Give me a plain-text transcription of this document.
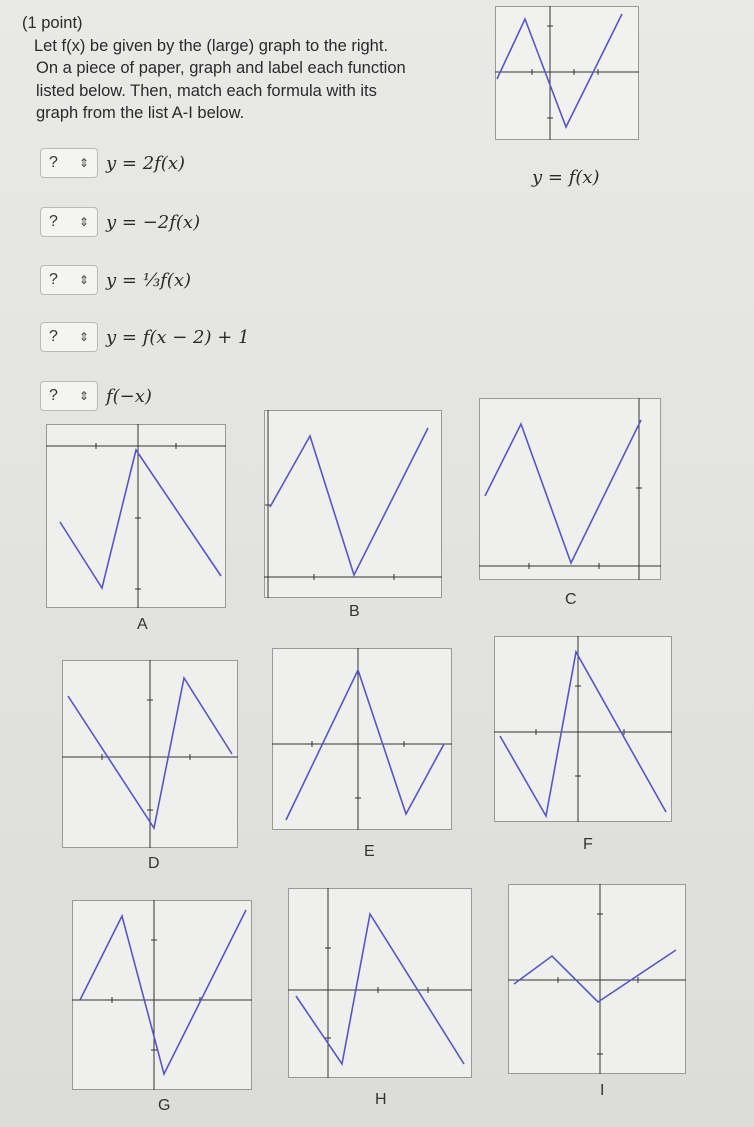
(1 point)
Let f(x) be given by the (large) graph to the right.
On a piece of paper, graph and label each function
listed below. Then, match each formula with its
graph from the list A-I below.
y = f(x)
? ⇕ y = 2f(x)
? ⇕ y = −2f(x)
? ⇕ y = ⅓f(x)
? ⇕ y = f(x − 2) + 1
? ⇕ f(−x)
A
B
C
D
E	F
G	H
I
